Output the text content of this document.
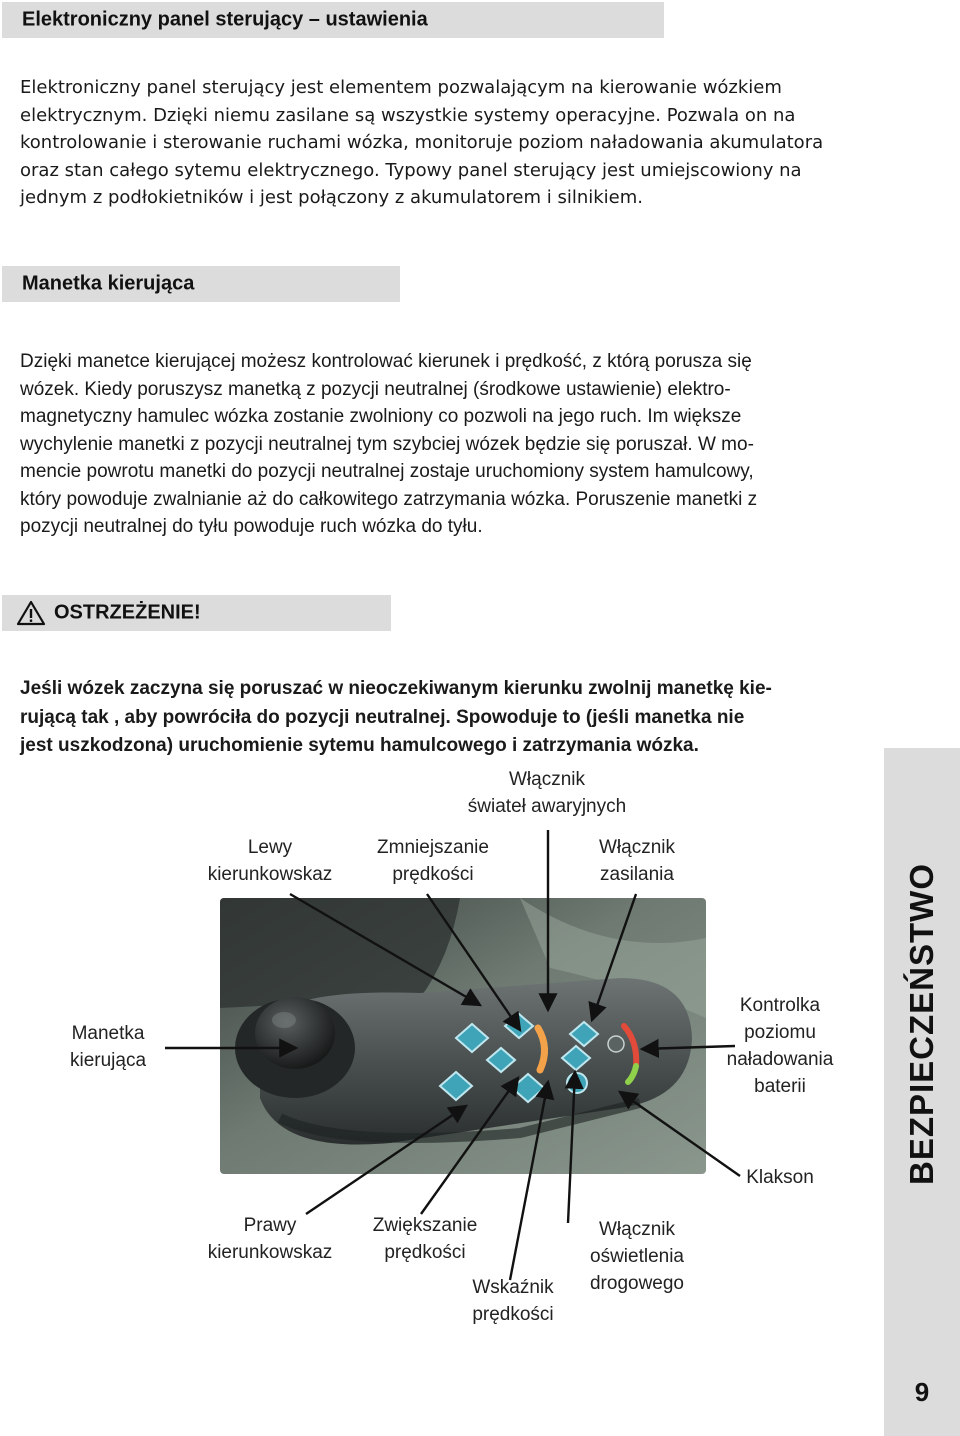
Elektroniczny panel sterujący – ustawienia
Elektroniczny panel sterujący jest elementem pozwalającym na kierowanie wózkiem
elektrycznym. Dzięki niemu zasilane są wszystkie systemy operacyjne. Pozwala on na
kontrolowanie i sterowanie ruchami wózka, monitoruje poziom naładowania akumulatora
oraz stan całego sytemu elektrycznego. Typowy panel sterujący jest umiejscowiony na
jednym z podłokietników i jest połączony z akumulatorem i silnikiem.
Manetka kierująca
Dzięki manetce kierującej możesz kontrolować kierunek i prędkość, z którą porusza się
wózek. Kiedy poruszysz manetką z pozycji neutralnej (środkowe ustawienie) elektro-
magnetyczny hamulec wózka zostanie zwolniony co pozwoli na jego ruch. Im większe
wychylenie manetki z pozycji neutralnej tym szybciej wózek będzie się poruszał. W mo-
mencie powrotu manetki do pozycji neutralnej zostaje uruchomiony system hamulcowy,
który powoduje zwalnianie aż do całkowitego zatrzymania wózka. Poruszenie manetki z
pozycji neutralnej do tyłu powoduje ruch wózka do tyłu.
OSTRZEŻENIE!
Jeśli wózek zaczyna się poruszać w nieoczekiwanym kierunku zwolnij manetkę kie-
rującą tak , aby powróciła do pozycji neutralnej. Spowoduje to (jeśli manetka nie
jest uszkodzona) uruchomienie sytemu hamulcowego i zatrzymania wózka.
Włącznik
świateł awaryjnych
Lewy
kierunkowskaz
Zmniejszanie
prędkości
Włącznik
zasilania
Manetka
kierująca
Kontrolka
poziomu
naładowania
baterii
Klakson
Prawy
kierunkowskaz
Zwiększanie
prędkości
Włącznik
oświetlenia
drogowego
Wskaźnik
prędkości
BEZPIECZEŃSTWO
9
